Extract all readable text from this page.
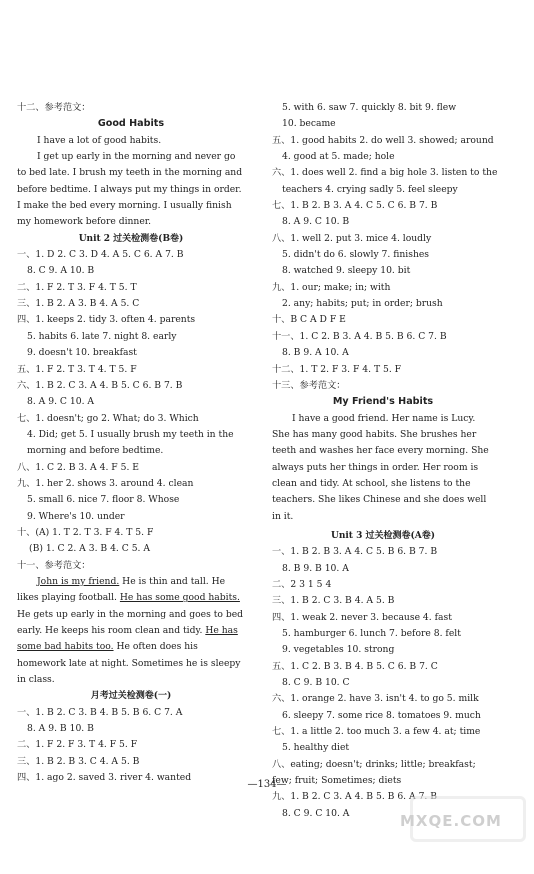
十二、参考范文：
Good Habits
I have a lot of good habits.
I get up early in the morning and never go to bed late. I brush my teeth in the morning and before bedtime. I always put my things in order. I make the bed every morning. I usually finish my homework before dinner.
Unit 2 过关检测卷(B卷)
一、1. D 2. C 3. D 4. A 5. C 6. A 7. B
8. C 9. A 10. B
二、1. F 2. T 3. F 4. T 5. T
三、1. B 2. A 3. B 4. A 5. C
四、1. keeps 2. tidy 3. often 4. parents
5. habits 6. late 7. night 8. early
9. doesn't 10. breakfast
五、1. F 2. T 3. T 4. T 5. F
六、1. B 2. C 3. A 4. B 5. C 6. B 7. B
8. A 9. C 10. A
七、1. doesn't; go 2. What; do 3. Which
4. Did; get 5. I usually brush my teeth in the morning and before bedtime.
八、1. C 2. B 3. A 4. F 5. E
九、1. her 2. shows 3. around 4. clean
5. small 6. nice 7. floor 8. Whose
9. Where's 10. under
十、(A) 1. T 2. T 3. F 4. T 5. F
(B) 1. C 2. A 3. B 4. C 5. A
十一、参考范文：
John is my friend. He is thin and tall. He likes playing football. He has some good habits. He gets up early in the morning and goes to bed early. He keeps his room clean and tidy. He has some bad habits too. He often does his homework late at night. Sometimes he is sleepy in class.
月考过关检测卷(一)
一、1. B 2. C 3. B 4. B 5. B 6. C 7. A
8. A 9. B 10. B
二、1. F 2. F 3. T 4. F 5. F
三、1. B 2. B 3. C 4. A 5. B
四、1. ago 2. saved 3. river 4. wanted
5. with 6. saw 7. quickly 8. bit 9. flew
10. became
五、1. good habits 2. do well 3. showed; around
4. good at 5. made; hole
六、1. does well 2. find a big hole 3. listen to the
teachers 4. crying sadly 5. feel sleepy
七、1. B 2. B 3. A 4. C 5. C 6. B 7. B
8. A 9. C 10. B
八、1. well 2. put 3. mice 4. loudly
5. didn't do 6. slowly 7. finishes
8. watched 9. sleepy 10. bit
九、1. our; make; in; with
2. any; habits; put; in order; brush
十、B C A D F E
十一、1. C 2. B 3. A 4. B 5. B 6. C 7. B
8. B 9. A 10. A
十二、1. T 2. F 3. F 4. T 5. F
十三、参考范文：
My Friend's Habits
I have a good friend. Her name is Lucy. She has many good habits. She brushes her teeth and washes her face every morning. She always puts her things in order. Her room is clean and tidy. At school, she listens to the teachers. She likes Chinese and she does well in it.
Unit 3 过关检测卷(A卷)
一、1. B 2. B 3. A 4. C 5. B 6. B 7. B
8. B 9. B 10. A
二、2 3 1 5 4
三、1. B 2. C 3. B 4. A 5. B
四、1. weak 2. never 3. because 4. fast
5. hamburger 6. lunch 7. before 8. felt
9. vegetables 10. strong
五、1. C 2. B 3. B 4. B 5. C 6. B 7. C
8. C 9. B 10. C
六、1. orange 2. have 3. isn't 4. to go 5. milk
6. sleepy 7. some rice 8. tomatoes 9. much
七、1. a little 2. too much 3. a few 4. at; time
5. healthy diet
八、eating; doesn't; drinks; little; breakfast; few; fruit; Sometimes; diets
九、1. B 2. C 3. A 4. B 5. B 6. A 7. B
8. C 9. C 10. A
—134—
MXQE.COM
